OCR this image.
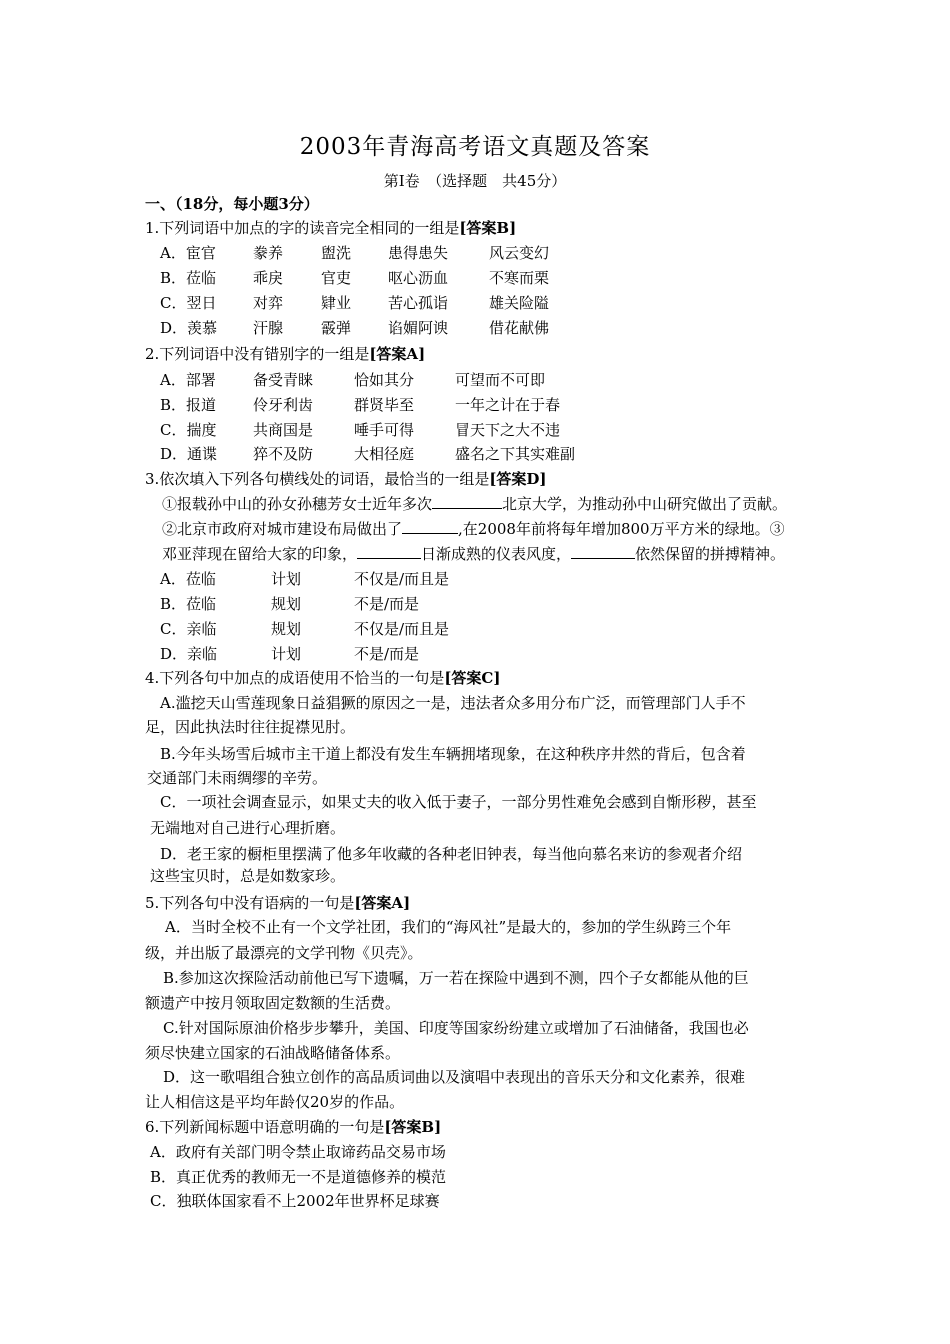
2003年青海高考语文真题及答案
第Ⅰ卷　（选择题　共45分）
一、（18分，每小题3分）
1.下列词语中加点的字的读音完全相同的一组是[答案B]
A．宦官 豢养	盥洗 患得患失	风云变幻
B．莅临 乖戾	官吏 呕心沥血	不寒而栗
C．翌日 对弈	肄业 苦心孤诣	雄关险隘
D．羡慕 汗腺	霰弹 谄媚阿谀	借花献佛
2.下列词语中没有错别字的一组是[答案A]
A．部署 备受青睐	恰如其分	可望而不可即
B．报道 伶牙利齿	群贤毕至	一年之计在于春
C．揣度 共商国是	唾手可得	冒天下之大不违
D．通谍 猝不及防	大相径庭	盛名之下其实难副
3.依次填入下列各句横线处的词语，最恰当的一组是[答案D]
①报载孙中山的孙女孙穗芳女士近年多次	北京大学，为推动孙中山研究做出了贡献。
②北京市政府对城市建设布局做出了	,在2008年前将每年增加800万平方米的绿地。③
邓亚萍现在留给大家的印象，	日渐成熟的仪表风度，	依然保留的拼搏精神。
A．莅临	计划	不仅是/而且是
B．莅临	规划	不是/而是
C．亲临	规划	不仅是/而且是
D．亲临	计划	不是/而是
4.下列各句中加点的成语使用不恰当的一句是[答案C]
A.滥挖天山雪莲现象日益猖獗的原因之一是，违法者众多用分布广泛，而管理部门人手不
足，因此执法时往往捉襟见肘。
B.今年头场雪后城市主干道上都没有发生车辆拥堵现象，在这种秩序井然的背后，包含着
交通部门未雨绸缪的辛劳。
C．一项社会调查显示，如果丈夫的收入低于妻子，一部分男性难免会感到自惭形秽，甚至
无端地对自己进行心理折磨。
D．老王家的橱柜里摆满了他多年收藏的各种老旧钟表，每当他向慕名来访的参观者介绍
这些宝贝时，总是如数家珍。
5.下列各句中没有语病的一句是[答案A]
A．当时全校不止有一个文学社团，我们的“海风社”是最大的，参加的学生纵跨三个年
级，并出版了最漂亮的文学刊物《贝壳》。
B.参加这次探险活动前他已写下遗嘱，万一若在探险中遇到不测，四个子女都能从他的巨
额遗产中按月领取固定数额的生活费。
C.针对国际原油价格步步攀升，美国、印度等国家纷纷建立或增加了石油储备，我国也必
须尽快建立国家的石油战略储备体系。
D．这一歌唱组合独立创作的高品质词曲以及演唱中表现出的音乐天分和文化素养，很难
让人相信这是平均年龄仅20岁的作品。
6.下列新闻标题中语意明确的一句是[答案B]
A．政府有关部门明令禁止取谛药品交易市场
B．真正优秀的教师无一不是道德修养的模范
C．独联体国家看不上2002年世界杯足球赛
